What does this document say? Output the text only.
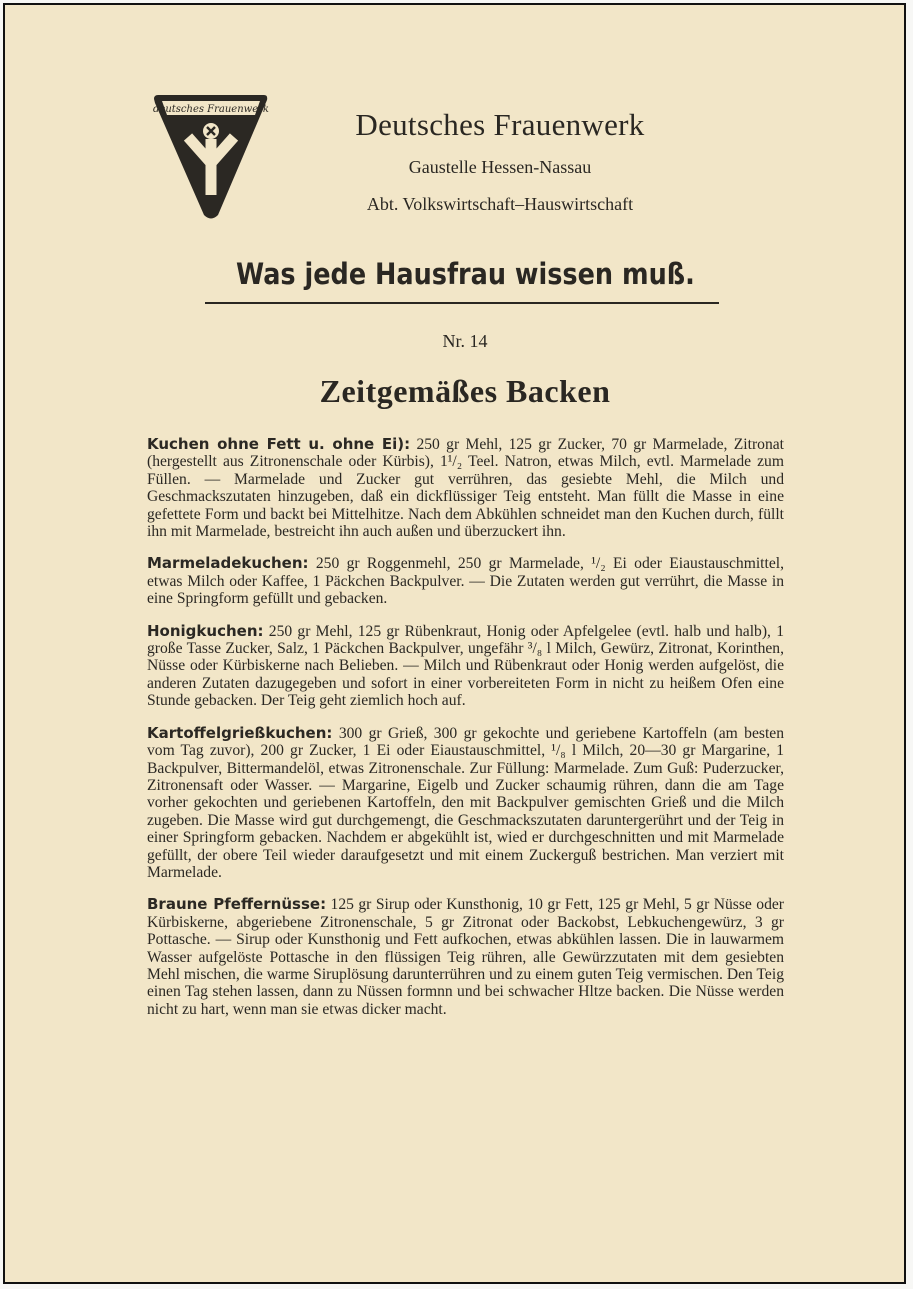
deutsches Frauenwerk	Deutsches Frauenwerk
Gaustelle Hessen-Nassau
Abt. Volkswirtschaft–Hauswirtschaft
Was jede Hausfrau wissen muß.
Nr. 14
Zeitgemäßes Backen

Kuchen ohne Fett u. ohne Ei): 250 gr Mehl, 125 gr Zucker, 70 gr Marmelade, Zitronat (hergestellt aus Zitronenschale oder Kürbis), 1¹/₂ Teel. Natron, etwas Milch, evtl. Marmelade zum Füllen. — Marmelade und Zucker gut verrühren, das gesiebte Mehl, die Milch und Geschmackszutaten hinzugeben, daß ein dickflüssiger Teig entsteht. Man füllt die Masse in eine gefettete Form und backt bei Mittelhitze. Nach dem Abkühlen schneidet man den Kuchen durch, füllt ihn mit Marmelade, bestreicht ihn auch außen und überzuckert ihn.

Marmeladekuchen: 250 gr Roggenmehl, 250 gr Marmelade, ¹/₂ Ei oder Eiaustauschmittel, etwas Milch oder Kaffee, 1 Päckchen Backpulver. — Die Zutaten werden gut verrührt, die Masse in eine Springform gefüllt und gebacken.

Honigkuchen: 250 gr Mehl, 125 gr Rübenkraut, Honig oder Apfelgelee (evtl. halb und halb), 1 große Tasse Zucker, Salz, 1 Päckchen Backpulver, ungefähr ³/₈ l Milch, Gewürz, Zitronat, Korinthen, Nüsse oder Kürbiskerne nach Belieben. — Milch und Rübenkraut oder Honig werden aufgelöst, die anderen Zutaten dazugegeben und sofort in einer vorbereiteten Form in nicht zu heißem Ofen eine Stunde gebacken. Der Teig geht ziemlich hoch auf.

Kartoffelgrießkuchen: 300 gr Grieß, 300 gr gekochte und geriebene Kartoffeln (am besten vom Tag zuvor), 200 gr Zucker, 1 Ei oder Eiaustauschmittel, ¹/₈ l Milch, 20—30 gr Margarine, 1 Backpulver, Bittermandelöl, etwas Zitronenschale. Zur Füllung: Marmelade. Zum Guß: Puderzucker, Zitronensaft oder Wasser. — Margarine, Eigelb und Zucker schaumig rühren, dann die am Tage vorher gekochten und geriebenen Kartoffeln, den mit Backpulver gemischten Grieß und die Milch zugeben. Die Masse wird gut durchgemengt, die Geschmackszutaten daruntergerührt und der Teig in einer Springform gebacken. Nachdem er abgekühlt ist, wied er durchgeschnitten und mit Marmelade gefüllt, der obere Teil wieder daraufgesetzt und mit einem Zuckerguß bestrichen. Man verziert mit Marmelade.

Braune Pfeffernüsse: 125 gr Sirup oder Kunsthonig, 10 gr Fett, 125 gr Mehl, 5 gr Nüsse oder Kürbiskerne, abgeriebene Zitronenschale, 5 gr Zitronat oder Backobst, Lebkuchengewürz, 3 gr Pottasche. — Sirup oder Kunsthonig und Fett aufkochen, etwas abkühlen lassen. Die in lauwarmem Wasser aufgelöste Pottasche in den flüssigen Teig rühren, alle Gewürzzutaten mit dem gesiebten Mehl mischen, die warme Siruplösung darunterrühren und zu einem guten Teig vermischen. Den Teig einen Tag stehen lassen, dann zu Nüssen formnn und bei schwacher Hltze backen. Die Nüsse werden nicht zu hart, wenn man sie etwas dicker macht.
